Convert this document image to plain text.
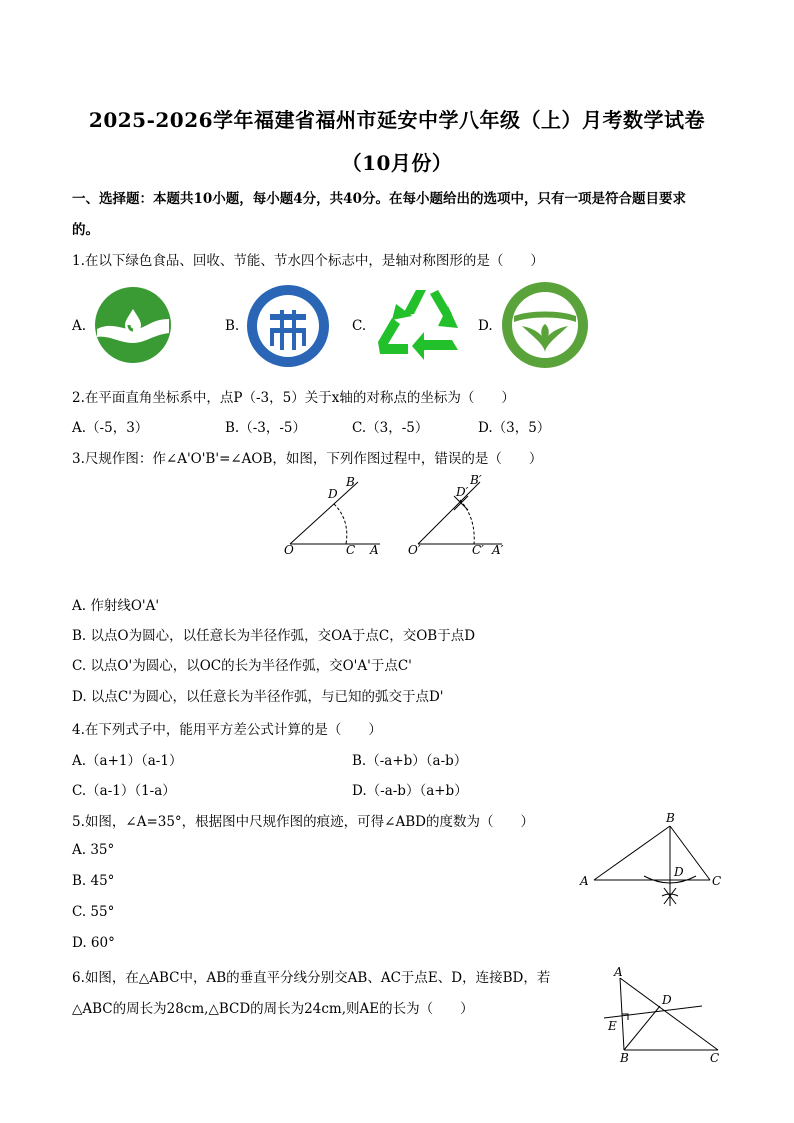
2025-2026学年福建省福州市延安中学八年级（上）月考数学试卷
（10月份）
一、选择题：本题共10小题，每小题4分，共40分。在每小题给出的选项中，只有一项是符合题目要求
的。
1.在以下绿色食品、回收、节能、节水四个标志中，是轴对称图形的是（　　）
A.	B.	C.	D.
2.在平面直角坐标系中，点P（-3，5）关于x轴的对称点的坐标为（　　）
A.（-5，3）	B.（-3，-5）	C.（3，-5）	D.（3，5）
3.尺规作图：作∠A'O'B'=∠AOB，如图，下列作图过程中，错误的是（　　）
O	C A
D
B
O′	C′ A′
D′
B′
A. 作射线O'A'
B. 以点O为圆心，以任意长为半径作弧，交OA于点C，交OB于点D
C. 以点O'为圆心，以OC的长为半径作弧，交O'A'于点C'
D. 以点C'为圆心，以任意长为半径作弧，与已知的弧交于点D'
4.在下列式子中，能用平方差公式计算的是（　　）
A.（a+1）（a-1）	B.（-a+b）（a-b）
C.（a-1）（1-a）	D.（-a-b）（a+b）
5.如图，∠A=35°，根据图中尺规作图的痕迹，可得∠ABD的度数为（　　）
A. 35°
B. 45°
C. 55°
D. 60°
B
A
D
C
6.如图，在△ABC中，AB的垂直平分线分别交AB、AC于点E、D，连接BD，若
△ABC的周长为28cm,△BCD的周长为24cm,则AE的长为（　　）
A
D
E
B	C
